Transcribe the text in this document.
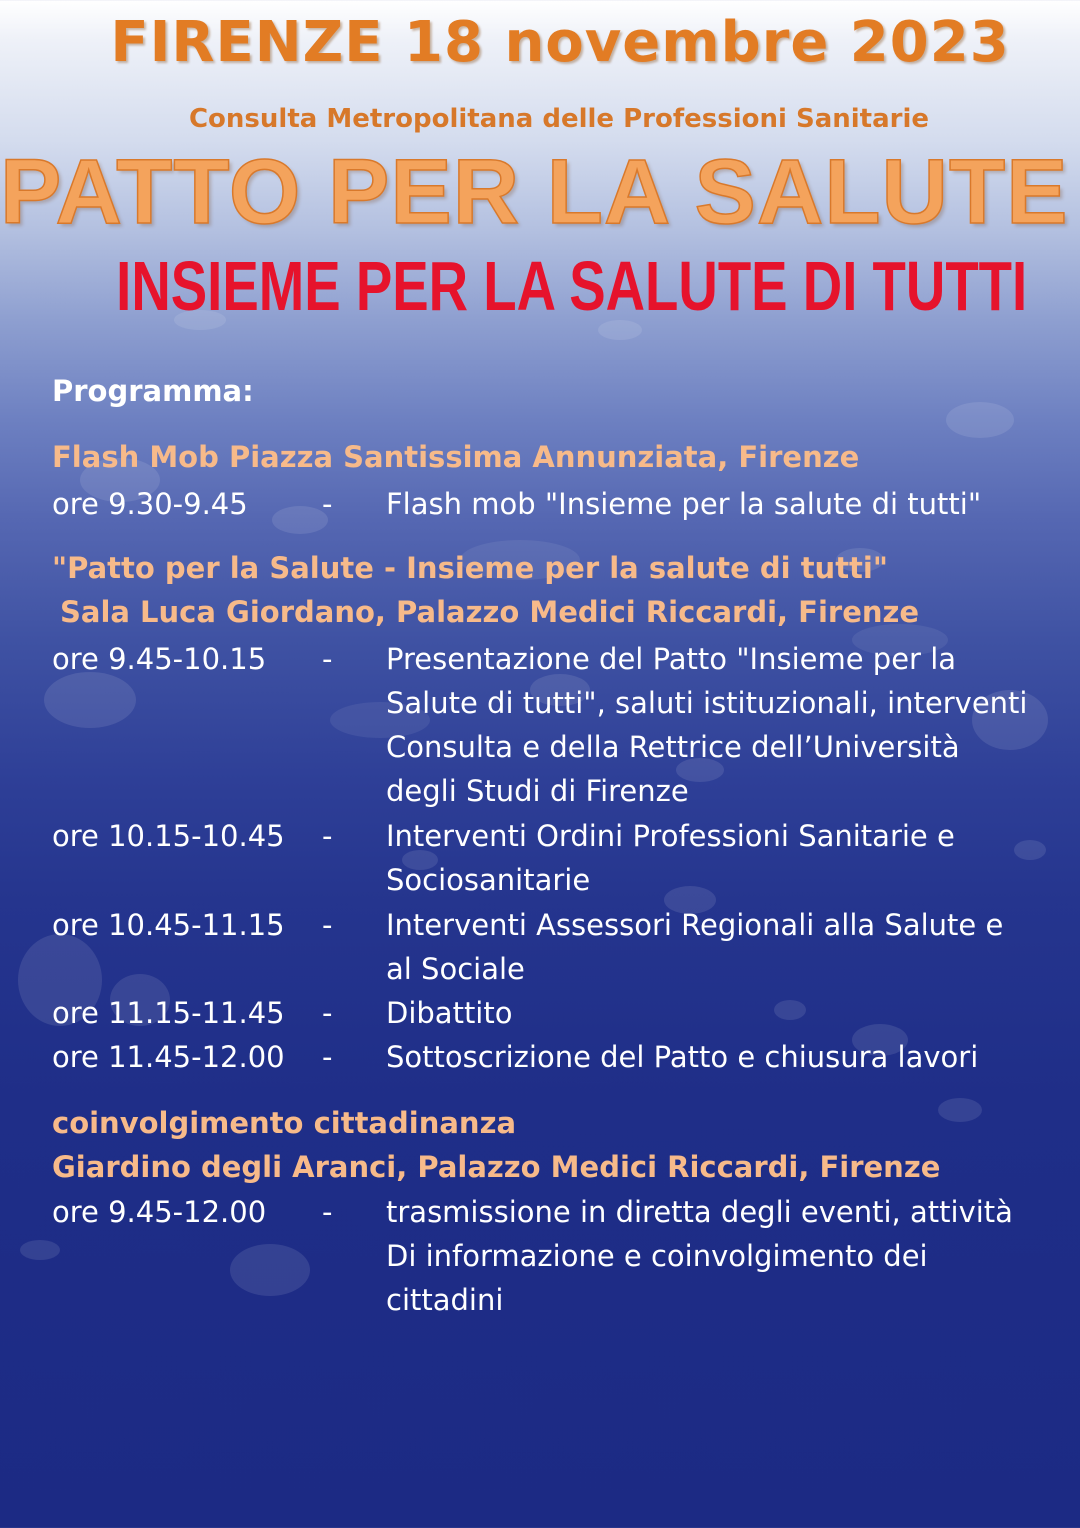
FIRENZE 18 novembre 2023
Consulta Metropolitana delle Professioni Sanitarie
PATTO PER LA SALUTE
INSIEME PER LA SALUTE DI TUTTI
Programma:
Flash Mob Piazza Santissima Annunziata, Firenze
ore 9.30-9.45	- Flash mob "Insieme per la salute di tutti"
"Patto per la Salute - Insieme per la salute di tutti"
Sala Luca Giordano, Palazzo Medici Riccardi, Firenze
ore 9.45-10.15 - Presentazione del Patto "Insieme per la Salute di tutti", saluti istituzionali, interventi Consulta e della Rettrice dell’Università degli Studi di Firenze
ore 10.15-10.45 - Interventi Ordini Professioni Sanitarie e Sociosanitarie
ore 10.45-11.15 - Interventi Assessori Regionali alla Salute e al Sociale
ore 11.15-11.45 - Dibattito
ore 11.45-12.00 - Sottoscrizione del Patto e chiusura lavori
coinvolgimento cittadinanza
Giardino degli Aranci, Palazzo Medici Riccardi, Firenze
ore 9.45-12.00 - trasmissione in diretta degli eventi, attività Di informazione e coinvolgimento dei cittadini
